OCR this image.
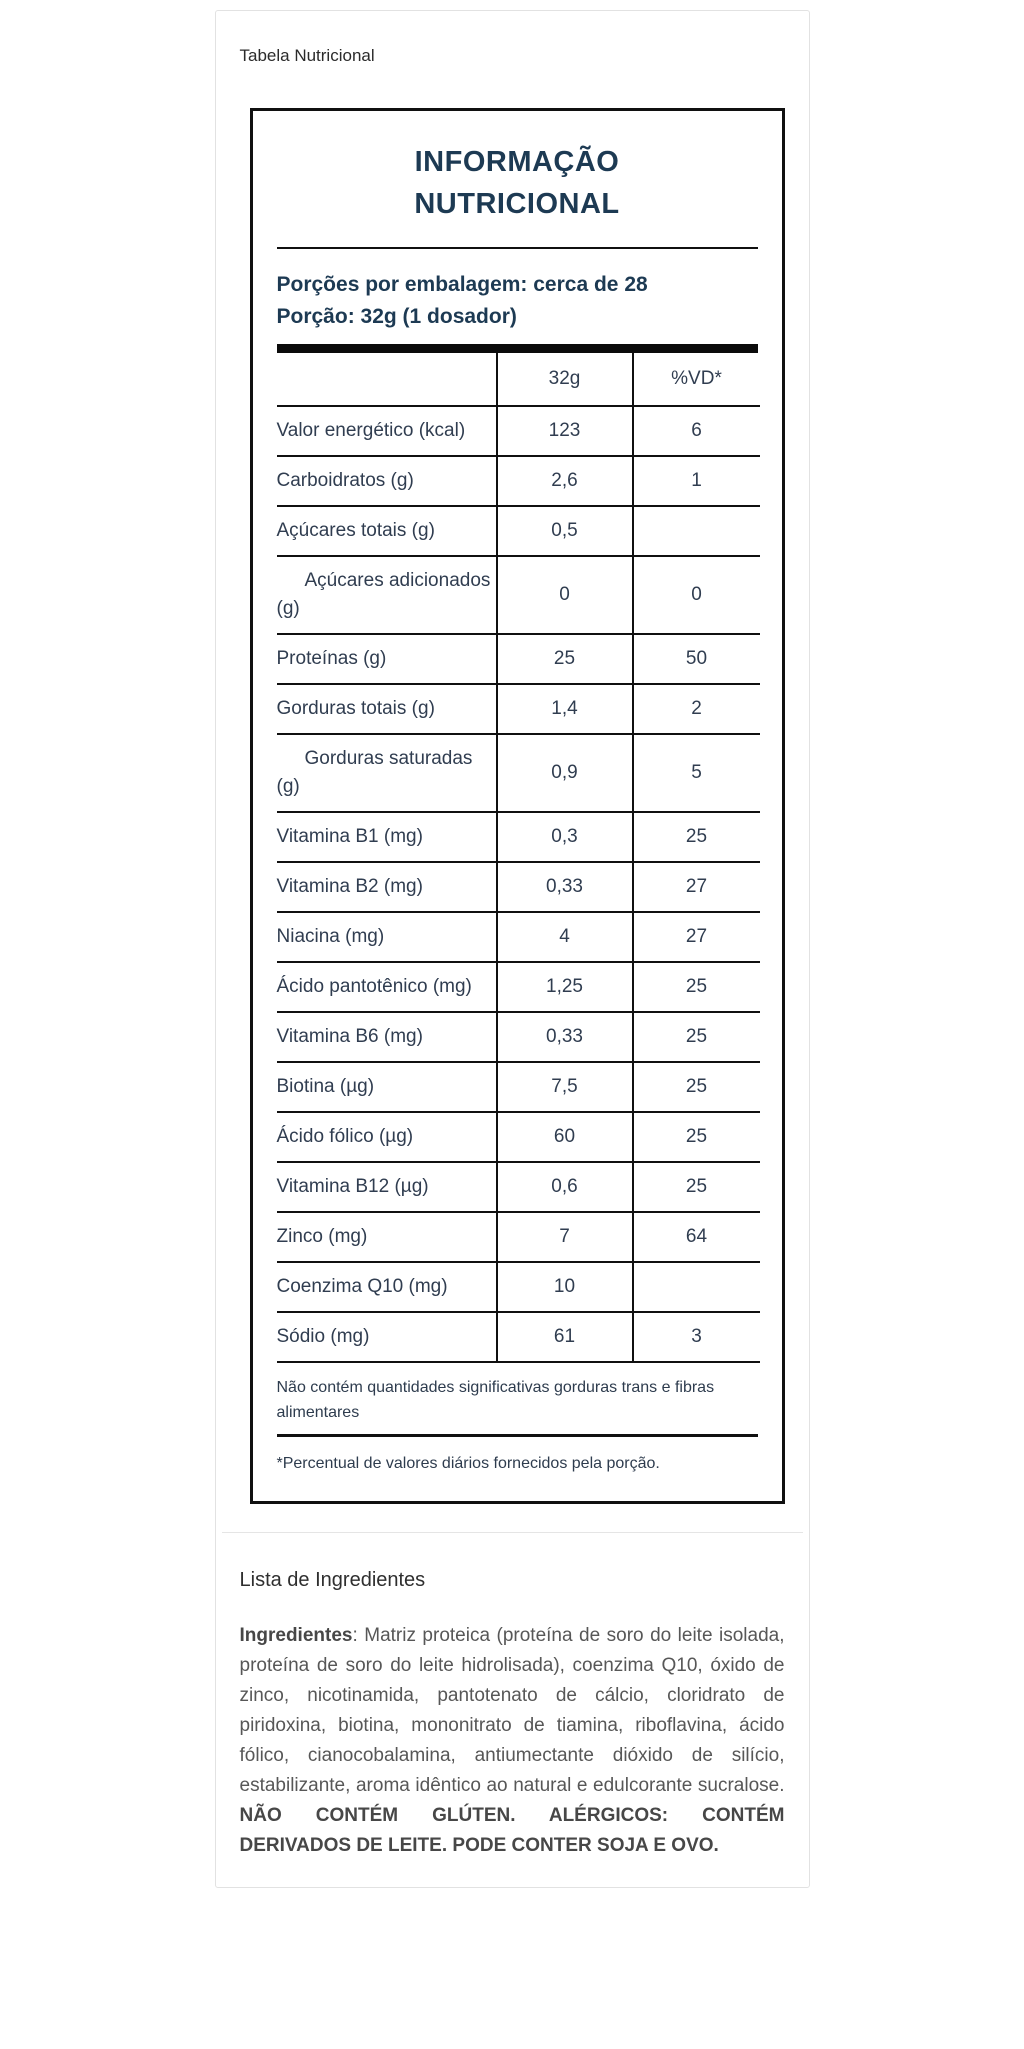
Tabela Nutricional
INFORMAÇÃO
NUTRICIONAL
Porções por embalagem: cerca de 28
Porção: 32g (1 dosador)
	32g	%VD*
Valor energético (kcal)	123	6
Carboidratos (g)	2,6	1
Açúcares totais (g)	0,5	
Açúcares adicionados (g)	0	0
Proteínas (g)	25	50
Gorduras totais (g)	1,4	2
Gorduras saturadas (g)	0,9	5
Vitamina B1 (mg)	0,3	25
Vitamina B2 (mg)	0,33	27
Niacina (mg)	4	27
Ácido pantotênico (mg)	1,25	25
Vitamina B6 (mg)	0,33	25
Biotina (µg)	7,5	25
Ácido fólico (µg)	60	25
Vitamina B12 (µg)	0,6	25
Zinco (mg)	7	64
Coenzima Q10 (mg)	10	
Sódio (mg)	61	3
Não contém quantidades significativas gorduras trans e fibras alimentares
*Percentual de valores diários fornecidos pela porção.
Lista de Ingredientes

Ingredientes: Matriz proteica (proteína de soro do leite isolada, proteína de soro do leite hidrolisada), coenzima Q10, óxido de zinco, nicotinamida, pantotenato de cálcio, cloridrato de piridoxina, biotina, mononitrato de tiamina, riboflavina, ácido fólico, cianocobalamina, antiumectante dióxido de silício, estabilizante, aroma idêntico ao natural e edulcorante sucralose. NÃO CONTÉM GLÚTEN. ALÉRGICOS: CONTÉM DERIVADOS DE LEITE. PODE CONTER SOJA E OVO.
